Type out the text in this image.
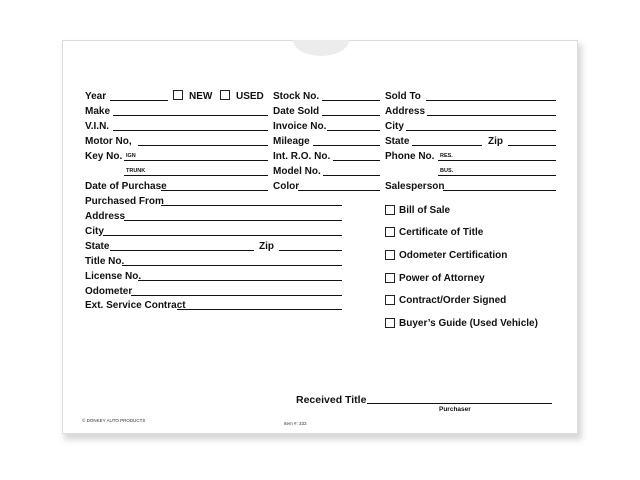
Year	NEW USED Stock No.	Sold To
Make	Date Sold	Address
V.I.N.	Invoice No.	City
Motor No,	Mileage	State	Zip
Key No. IGN	Int. R.O. No.	Phone No. RES.
TRUNK	Model No.	BUS.
Date of Purchase	Color	Salesperson
Purchased From
Address
City
State	Zip
Title No.
License No.
Odometer
Ext. Service Contract
Bill of Sale
Certificate of Title
Odometer Certification
Power of Attorney
Contract/Order Signed
Buyer’s Guide (Used Vehicle)
Received Title
Purchaser
© DONKEY AUTO PRODUCTS
Item #: 333
